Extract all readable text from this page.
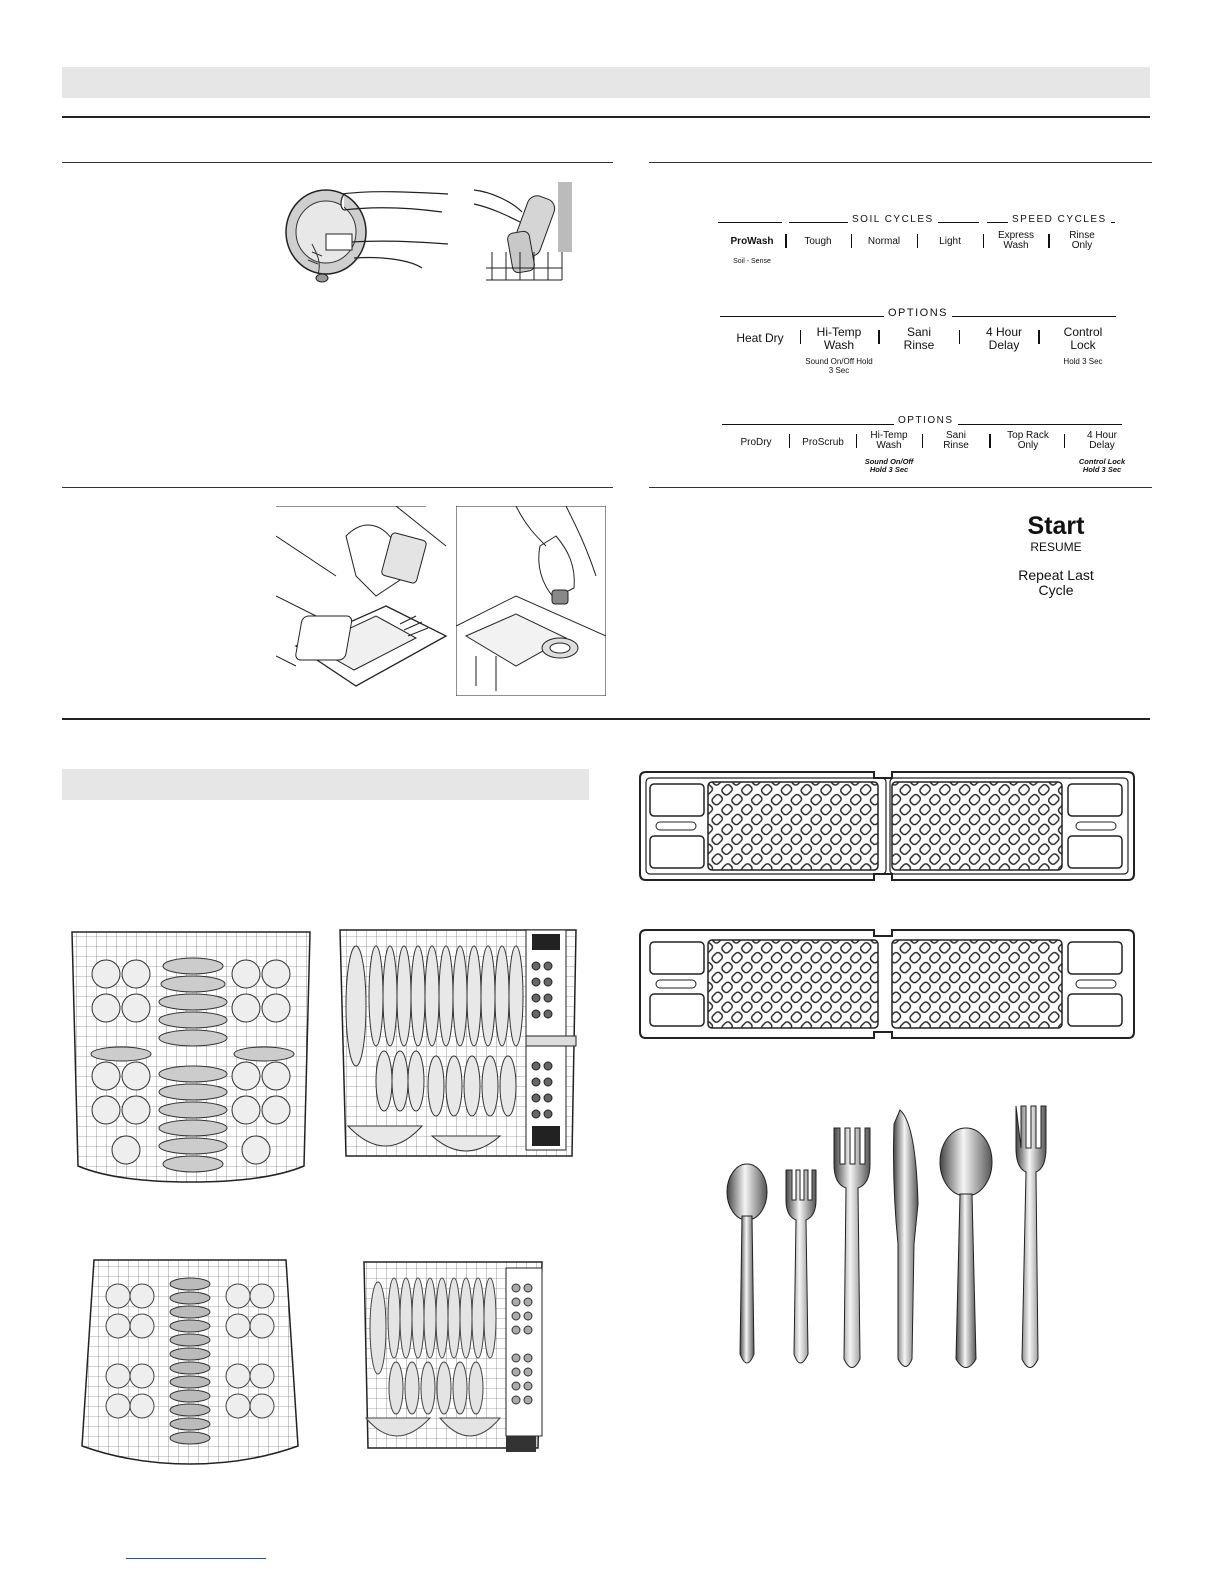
SOIL CYCLES	SPEED CYCLES
ProWash
Soil - Sense
Tough	Normal	Light
Express Wash
Rinse Only
OPTIONS
Heat Dry	Hi-Temp Wash
Sound On/Off Hold 3 Sec
Sani Rinse
4 Hour Delay
Control Lock
Hold 3 Sec
OPTIONS
ProDry	ProScrub
Hi-Temp Wash
Sound On/Off Hold 3 Sec
Sani Rinse
Top Rack Only
4 Hour Delay
Control Lock Hold 3 Sec
Start
RESUME
Repeat Last Cycle
